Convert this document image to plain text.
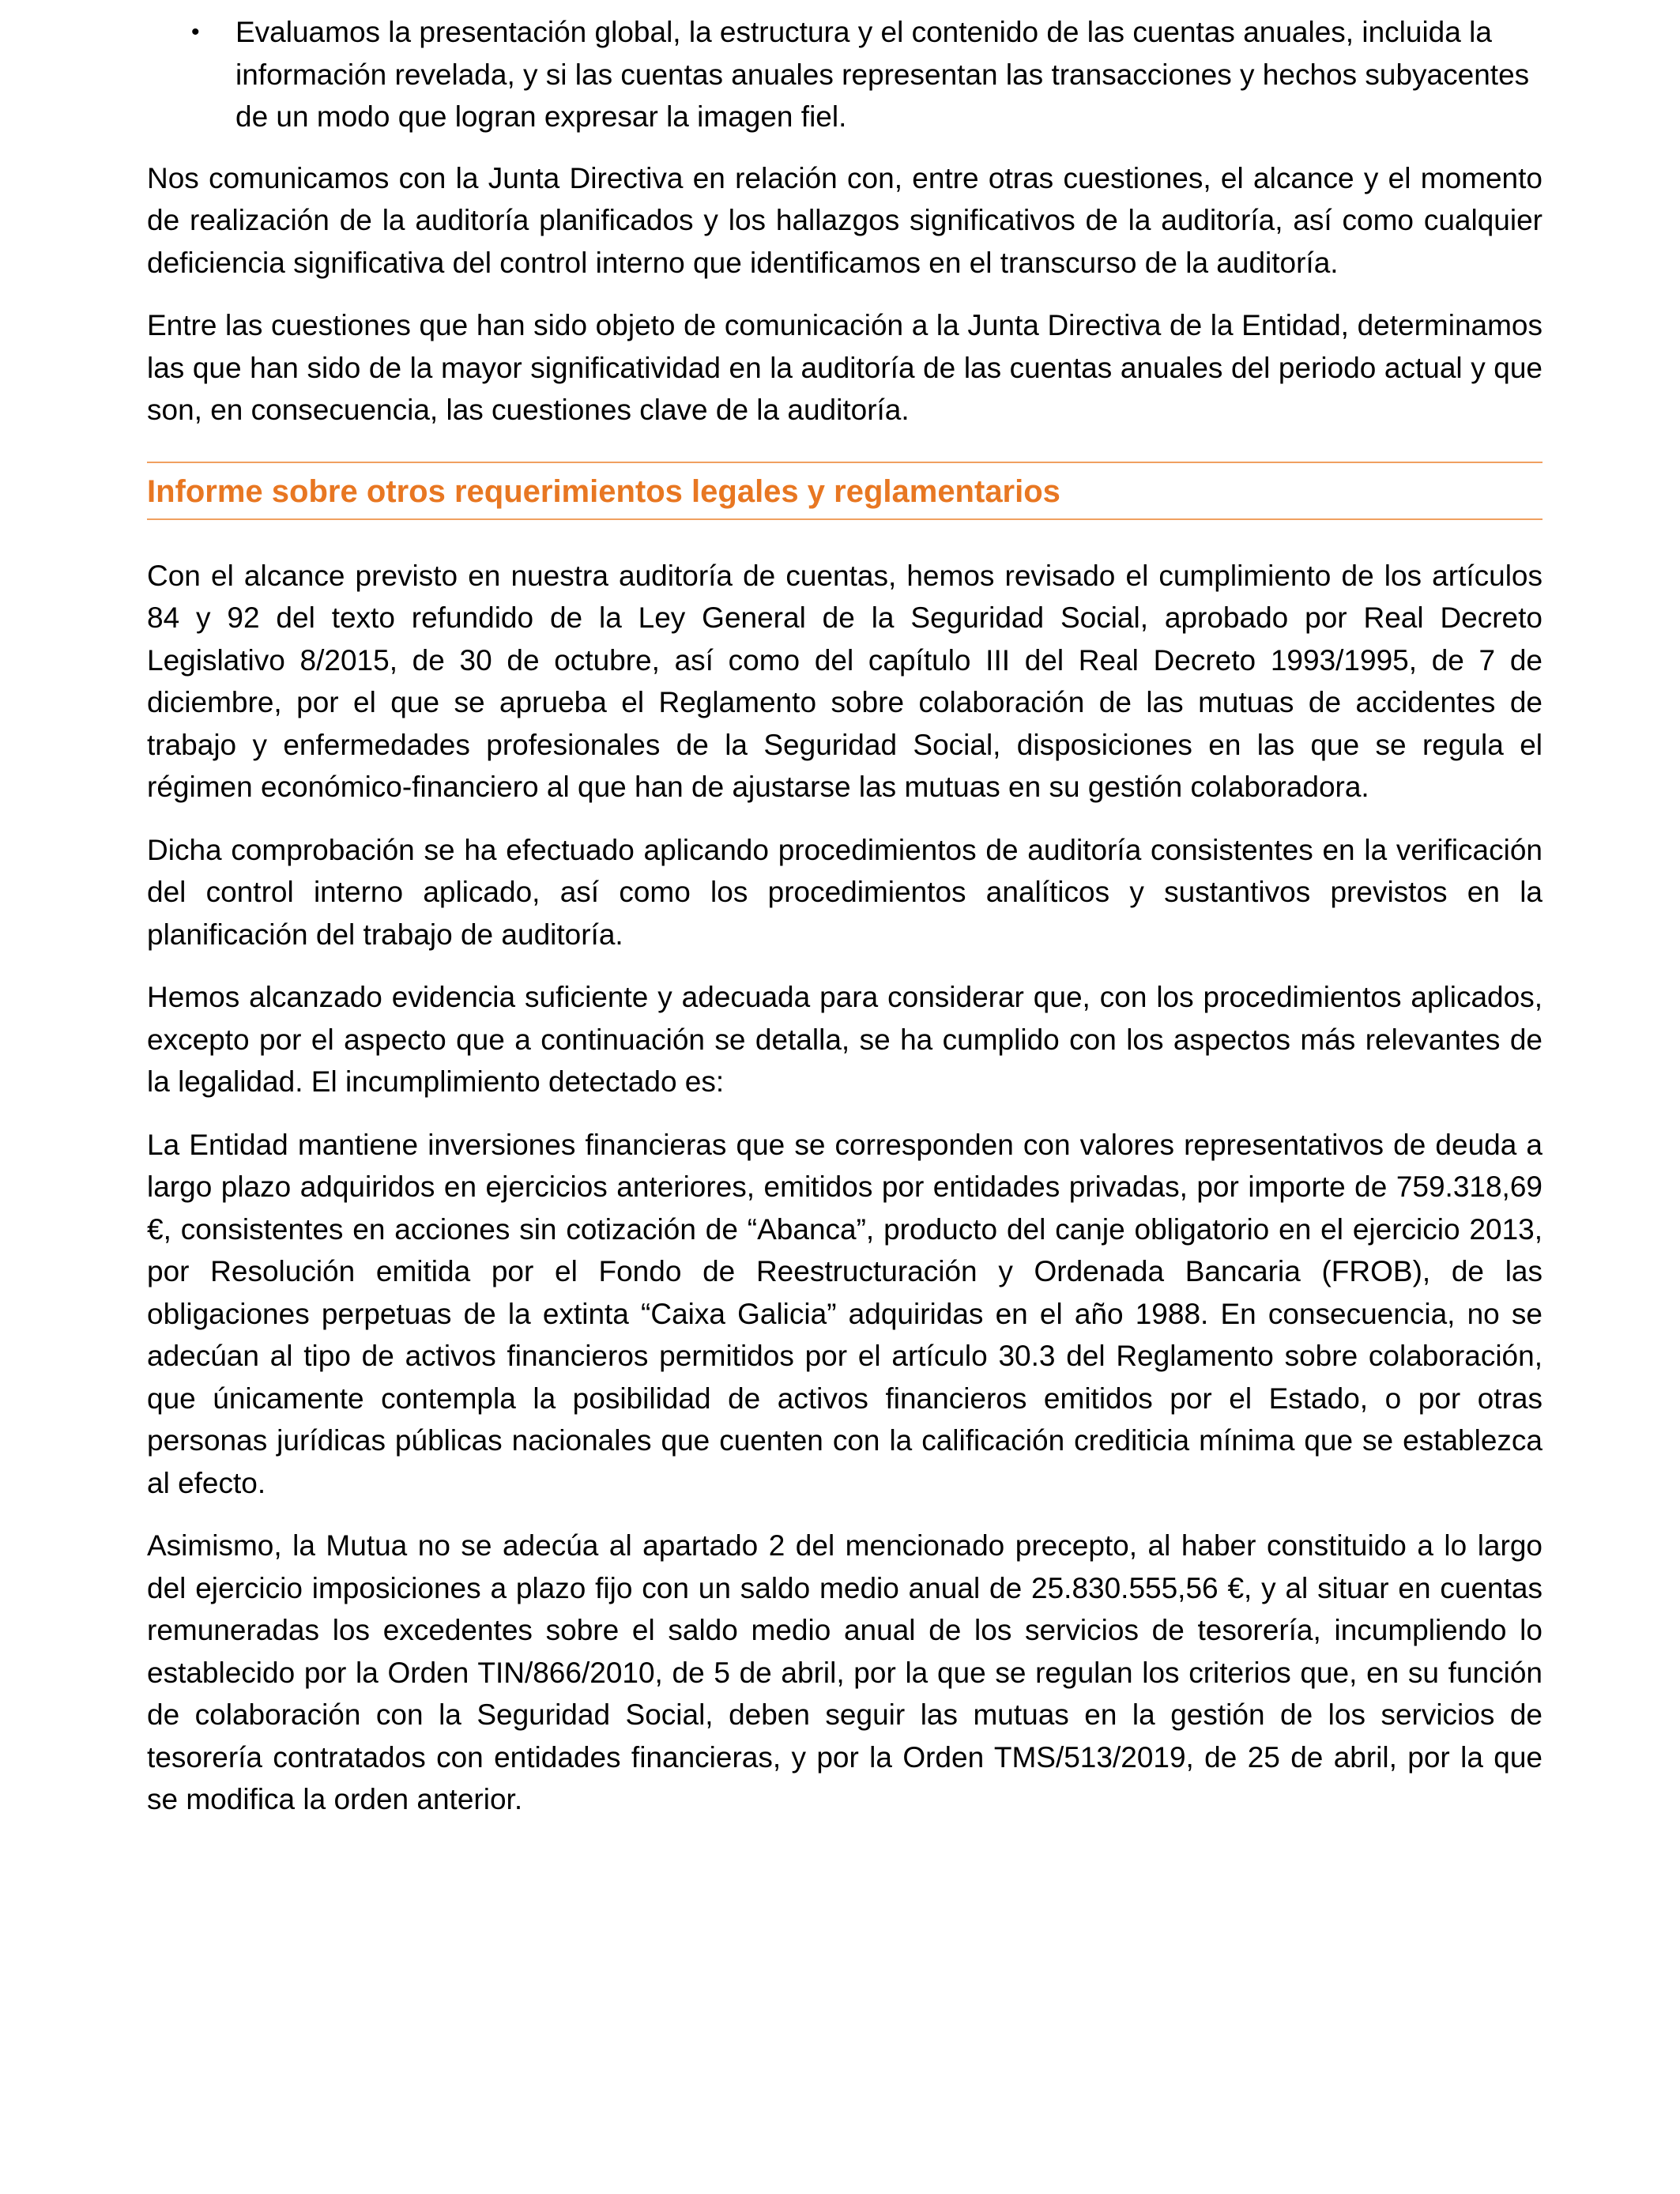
• Evaluamos la presentación global, la estructura y el contenido de las cuentas anuales, incluida la información revelada, y si las cuentas anuales representan las transacciones y hechos subyacentes de un modo que logran expresar la imagen fiel.

Nos comunicamos con la Junta Directiva en relación con, entre otras cuestiones, el alcance y el momento de realización de la auditoría planificados y los hallazgos significativos de la auditoría, así como cualquier deficiencia significativa del control interno que identificamos en el transcurso de la auditoría.

Entre las cuestiones que han sido objeto de comunicación a la Junta Directiva de la Entidad, determinamos las que han sido de la mayor significatividad en la auditoría de las cuentas anuales del periodo actual y que son, en consecuencia, las cuestiones clave de la auditoría.

Informe sobre otros requerimientos legales y reglamentarios

Con el alcance previsto en nuestra auditoría de cuentas, hemos revisado el cumplimiento de los artículos 84 y 92 del texto refundido de la Ley General de la Seguridad Social, aprobado por Real Decreto Legislativo 8/2015, de 30 de octubre, así como del capítulo III del Real Decreto 1993/1995, de 7 de diciembre, por el que se aprueba el Reglamento sobre colaboración de las mutuas de accidentes de trabajo y enfermedades profesionales de la Seguridad Social, disposiciones en las que se regula el régimen económico-financiero al que han de ajustarse las mutuas en su gestión colaboradora.

Dicha comprobación se ha efectuado aplicando procedimientos de auditoría consistentes en la verificación del control interno aplicado, así como los procedimientos analíticos y sustantivos previstos en la planificación del trabajo de auditoría.

Hemos alcanzado evidencia suficiente y adecuada para considerar que, con los procedimientos aplicados, excepto por el aspecto que a continuación se detalla, se ha cumplido con los aspectos más relevantes de la legalidad. El incumplimiento detectado es:

La Entidad mantiene inversiones financieras que se corresponden con valores representativos de deuda a largo plazo adquiridos en ejercicios anteriores, emitidos por entidades privadas, por importe de 759.318,69 €, consistentes en acciones sin cotización de “Abanca”, producto del canje obligatorio en el ejercicio 2013, por Resolución emitida por el Fondo de Reestructuración y Ordenada Bancaria (FROB), de las obligaciones perpetuas de la extinta “Caixa Galicia” adquiridas en el año 1988. En consecuencia, no se adecúan al tipo de activos financieros permitidos por el artículo 30.3 del Reglamento sobre colaboración, que únicamente contempla la posibilidad de activos financieros emitidos por el Estado, o por otras personas jurídicas públicas nacionales que cuenten con la calificación crediticia mínima que se establezca al efecto.

Asimismo, la Mutua no se adecúa al apartado 2 del mencionado precepto, al haber constituido a lo largo del ejercicio imposiciones a plazo fijo con un saldo medio anual de 25.830.555,56 €, y al situar en cuentas remuneradas los excedentes sobre el saldo medio anual de los servicios de tesorería, incumpliendo lo establecido por la Orden TIN/866/2010, de 5 de abril, por la que se regulan los criterios que, en su función de colaboración con la Seguridad Social, deben seguir las mutuas en la gestión de los servicios de tesorería contratados con entidades financieras, y por la Orden TMS/513/2019, de 25 de abril, por la que se modifica la orden anterior.
